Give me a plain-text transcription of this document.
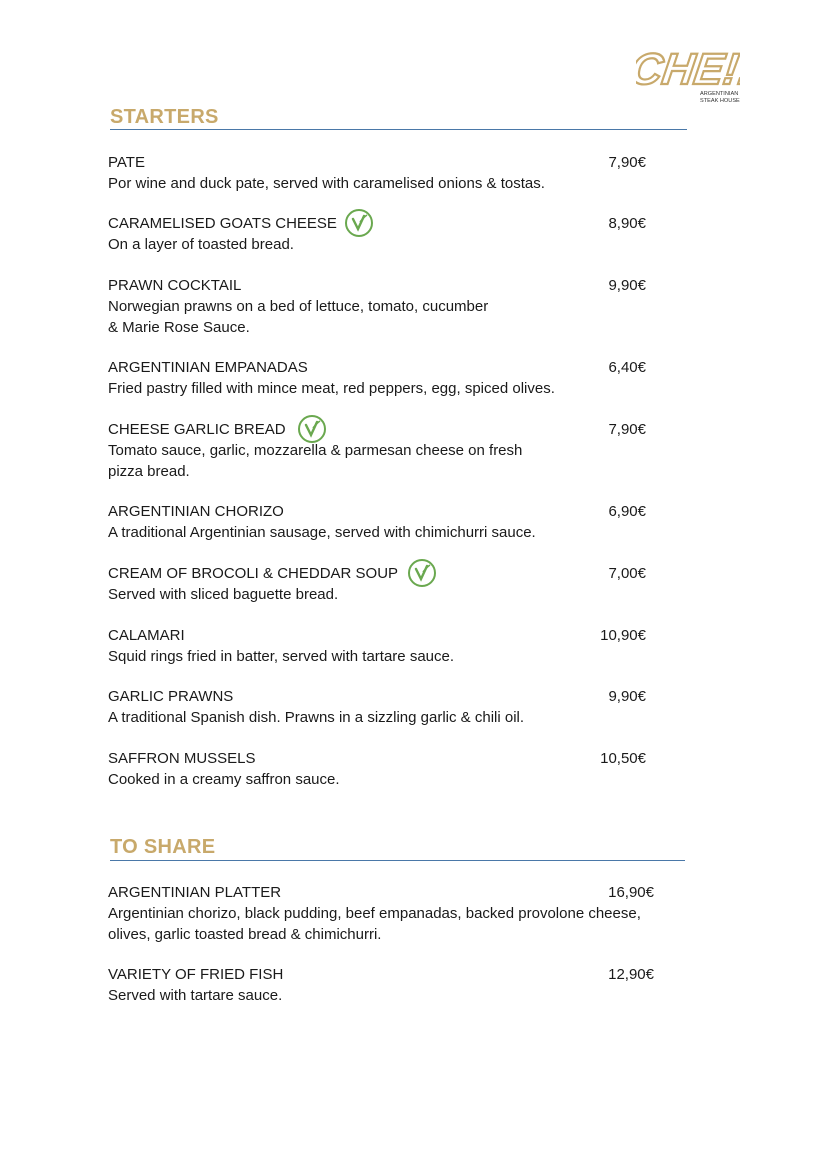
CHE!!!
ARGENTINIAN
STEAK HOUSE
STARTERS
PATE	7,90€
Por wine and duck pate, served with caramelised onions & tostas.
CARAMELISED GOATS CHEESE	8,90€
On a layer of toasted bread.
PRAWN COCKTAIL	9,90€
Norwegian prawns on a bed of lettuce, tomato, cucumber
& Marie Rose Sauce.
ARGENTINIAN EMPANADAS	6,40€
Fried pastry filled with mince meat, red peppers, egg, spiced olives.
CHEESE GARLIC BREAD	7,90€
Tomato sauce, garlic, mozzarella & parmesan cheese on fresh
pizza bread.
ARGENTINIAN CHORIZO	6,90€
A traditional Argentinian sausage, served with chimichurri sauce.
CREAM OF BROCOLI & CHEDDAR SOUP	7,00€
Served with sliced baguette bread.
CALAMARI	10,90€
Squid rings fried in batter, served with tartare sauce.
GARLIC PRAWNS	9,90€
A traditional Spanish dish. Prawns in a sizzling garlic & chili oil.
SAFFRON MUSSELS	10,50€
Cooked in a creamy saffron sauce.
TO SHARE
ARGENTINIAN PLATTER	16,90€
Argentinian chorizo, black pudding, beef empanadas, backed provolone cheese,
olives, garlic toasted bread & chimichurri.
VARIETY OF FRIED FISH	12,90€
Served with tartare sauce.
